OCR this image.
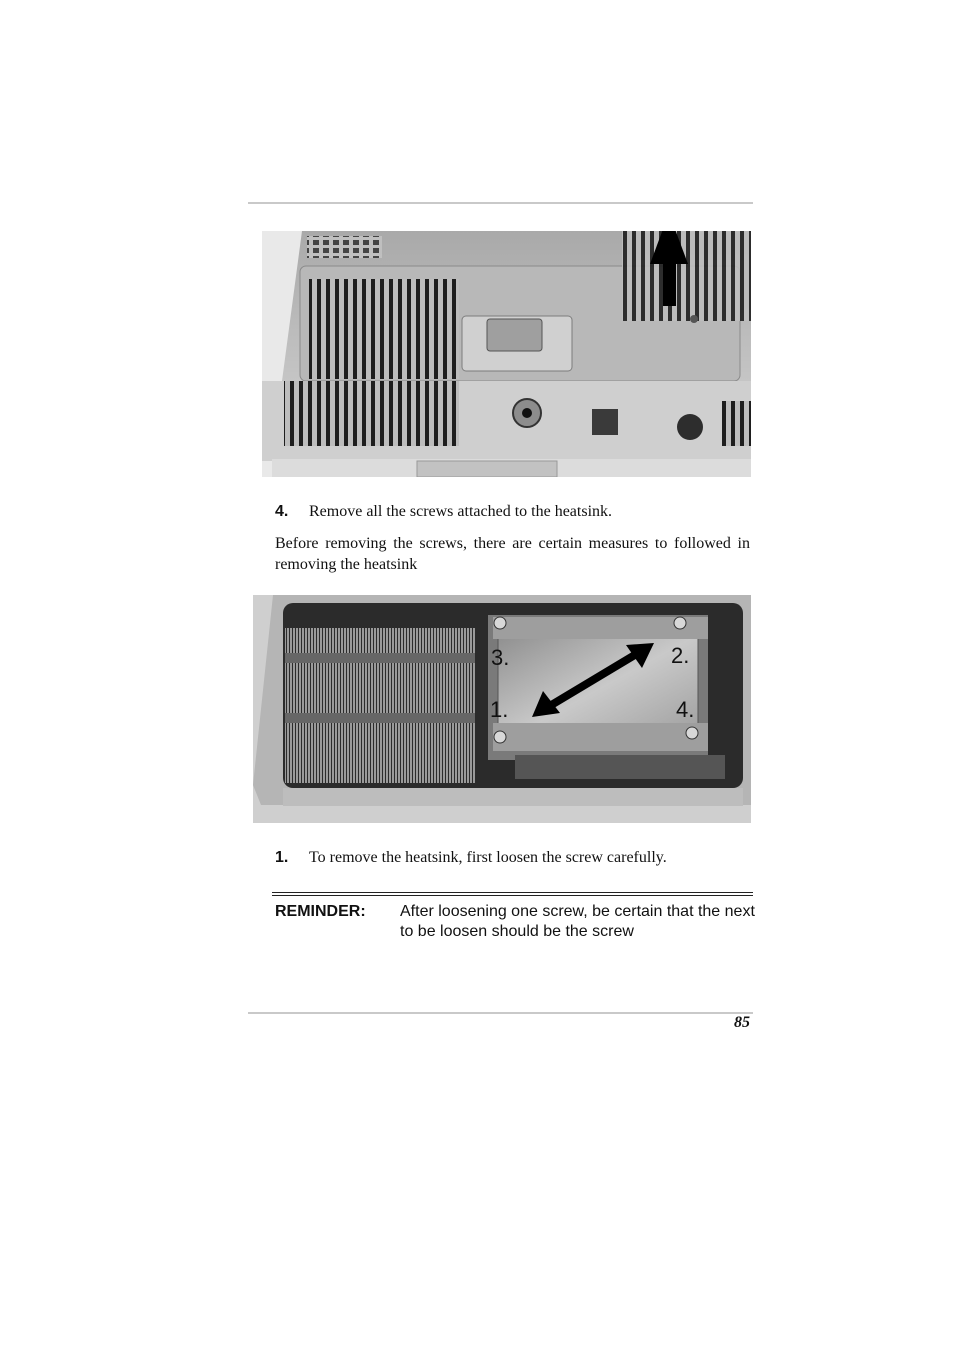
4. Remove all the screws attached to the heatsink.
Before removing the screws, there are certain measures to followed in removing the heatsink
3.	2.
1.	4.
1. To remove the heatsink, first loosen the screw carefully.
REMINDER: After loosening one screw, be certain that the next to be loosen should be the screw
85
